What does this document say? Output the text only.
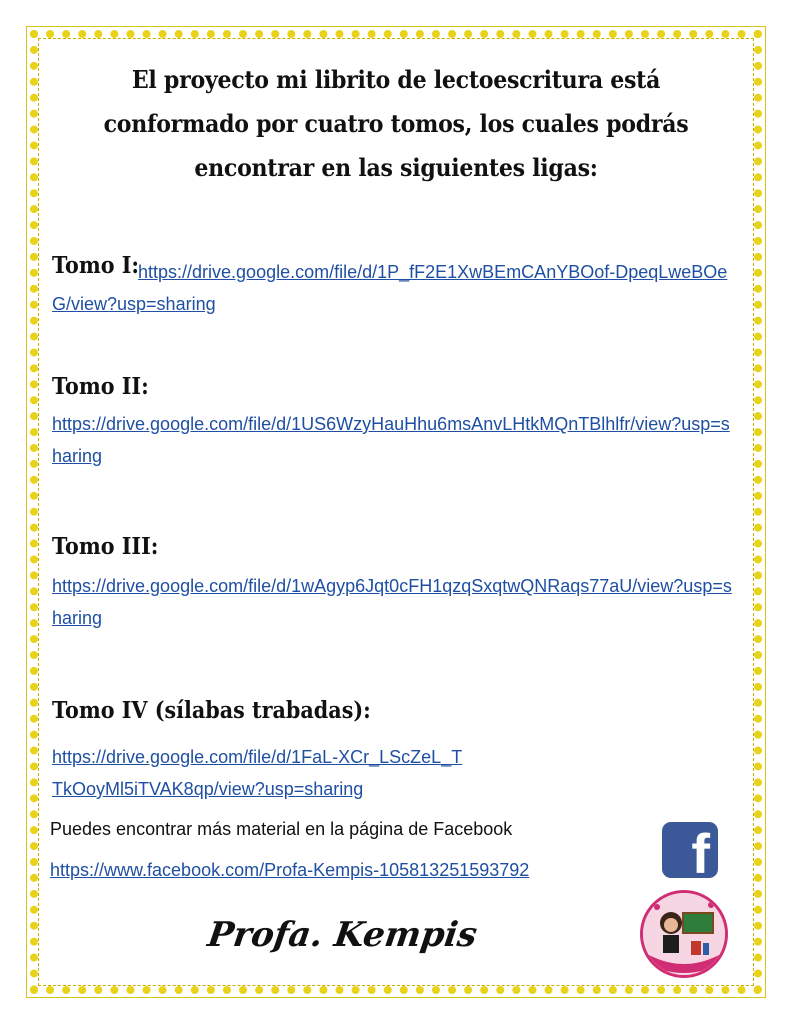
El proyecto mi librito de lectoescritura está conformado por cuatro tomos, los cuales podrás encontrar en las siguientes ligas:
Tomo I:
https://drive.google.com/file/d/1P_fF2E1XwBEmCAnYBOof-DpeqLweBOeG/view?usp=sharing
Tomo II:
https://drive.google.com/file/d/1US6WzyHauHhu6msAnvLHtkMQnTBlhlfr/view?usp=sharing
Tomo III:
https://drive.google.com/file/d/1wAgyp6Jqt0cFH1qzqSxqtwQNRaqs77aU/view?usp=sharing
Tomo IV (sílabas trabadas):
https://drive.google.com/file/d/1FaL-XCr_LScZeL_TTkOoyMl5iTVAK8qp/view?usp=sharing
Puedes encontrar más material en la página de Facebook
https://www.facebook.com/Profa-Kempis-105813251593792	f
Profa. Kempis
